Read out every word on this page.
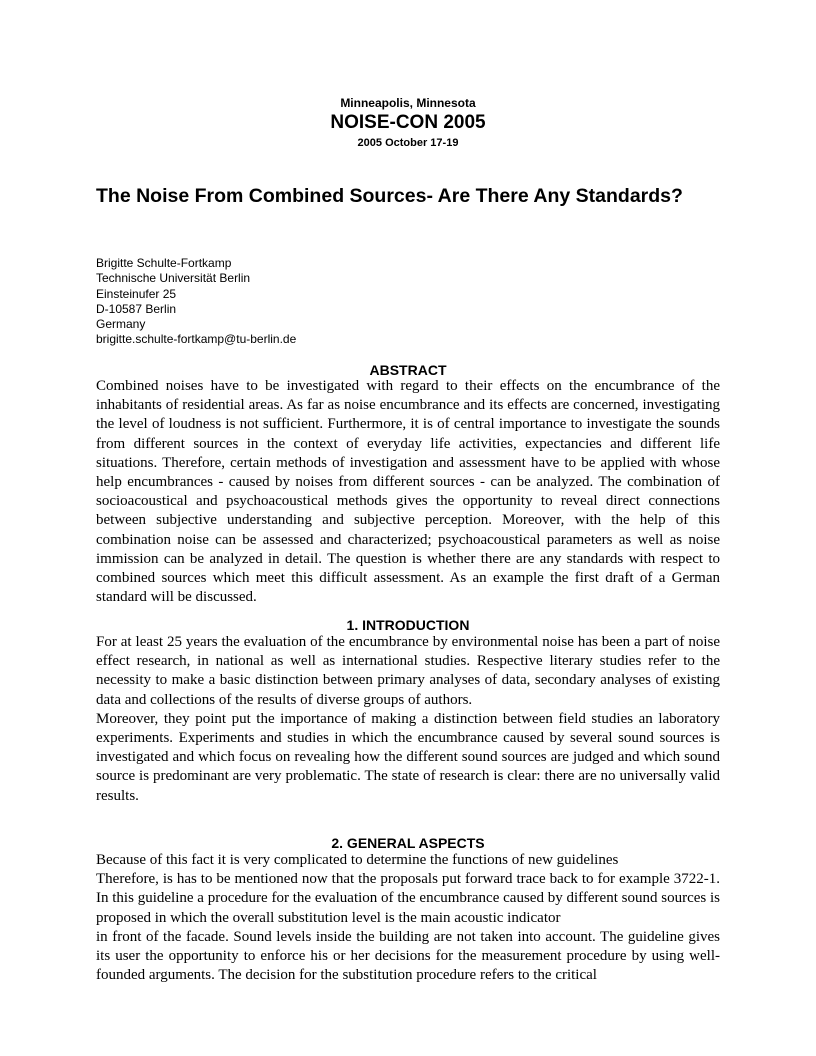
Minneapolis, Minnesota
NOISE-CON 2005
2005 October 17-19
The Noise From Combined Sources- Are There Any Standards?
Brigitte Schulte-Fortkamp
Technische Universität Berlin
Einsteinufer 25
D-10587 Berlin
Germany
brigitte.schulte-fortkamp@tu-berlin.de
ABSTRACT

Combined noises have to be investigated with regard to their effects on the encumbrance of the inhabitants of residential areas. As far as noise encumbrance and its effects are concerned, investigating the level of loudness is not sufficient. Furthermore, it is of central importance to investigate the sounds from different sources in the context of everyday life activities, expectancies and different life situations. Therefore, certain methods of investigation and assessment have to be applied with whose help encumbrances - caused by noises from different sources - can be analyzed. The combination of socioacoustical and psychoacoustical methods gives the opportunity to reveal direct connections between subjective understanding and subjective perception. Moreover, with the help of this combination noise can be assessed and characterized; psychoacoustical parameters as well as noise immission can be analyzed in detail. The question is whether there are any standards with respect to combined sources which meet this difficult assessment. As an example the first draft of a German standard will be discussed.

1. INTRODUCTION

For at least 25 years the evaluation of the encumbrance by environmental noise has been a part of noise effect research, in national as well as international studies. Respective literary studies refer to the necessity to make a basic distinction between primary analyses of data, secondary analyses of existing data and collections of the results of diverse groups of authors.

Moreover, they point put the importance of making a distinction between field studies an laboratory experiments. Experiments and studies in which the encumbrance caused by several sound sources is investigated and which focus on revealing how the different sound sources are judged and which sound source is predominant are very problematic. The state of research is clear: there are no universally valid results.

2. GENERAL ASPECTS

Because of this fact it is very complicated to determine the functions of new guidelines

Therefore, is has to be mentioned now that the proposals put forward trace back to for example 3722-1. In this guideline a procedure for the evaluation of the encumbrance caused by different sound sources is proposed in which the overall substitution level is the main acoustic indicator

in front of the facade. Sound levels inside the building are not taken into account. The guideline gives its user the opportunity to enforce his or her decisions for the measurement procedure by using well-founded arguments. The decision for the substitution procedure refers to the critical
